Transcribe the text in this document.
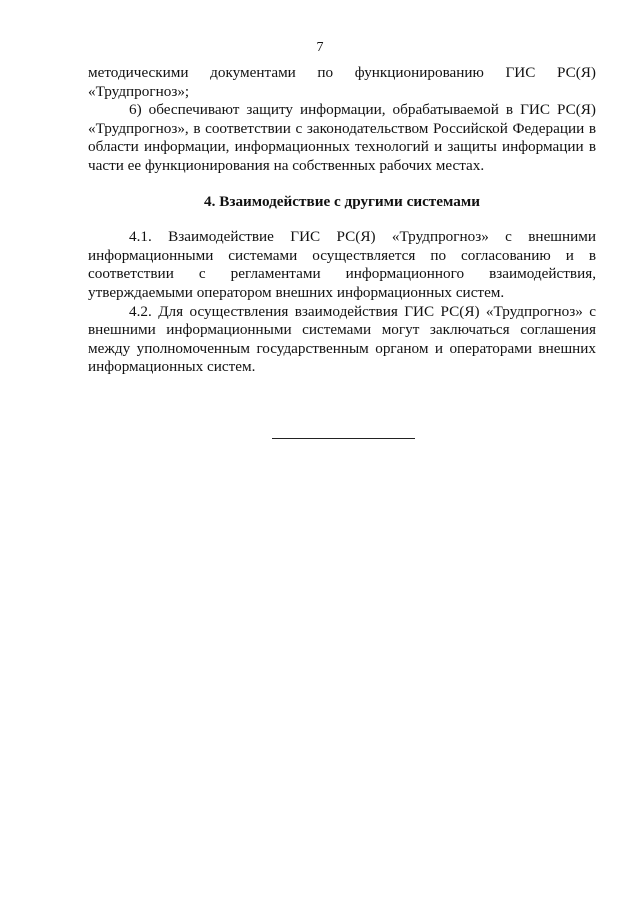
7

методическими документами по функционированию ГИС РС(Я) «Трудпрогноз»;

6) обеспечивают защиту информации, обрабатываемой в ГИС РС(Я) «Трудпрогноз», в соответствии с законодательством Российской Федерации в области информации, информационных технологий и защиты информации в части ее функционирования на собственных рабочих местах.

4. Взаимодействие с другими системами

4.1. Взаимодействие ГИС РС(Я) «Трудпрогноз» с внешними информационными системами осуществляется по согласованию и в соответствии с регламентами информационного взаимодействия, утверждаемыми оператором внешних информационных систем.

4.2. Для осуществления взаимодействия ГИС РС(Я) «Трудпрогноз» с внешними информационными системами могут заключаться соглашения между уполномоченным государственным органом и операторами внешних информационных систем.
